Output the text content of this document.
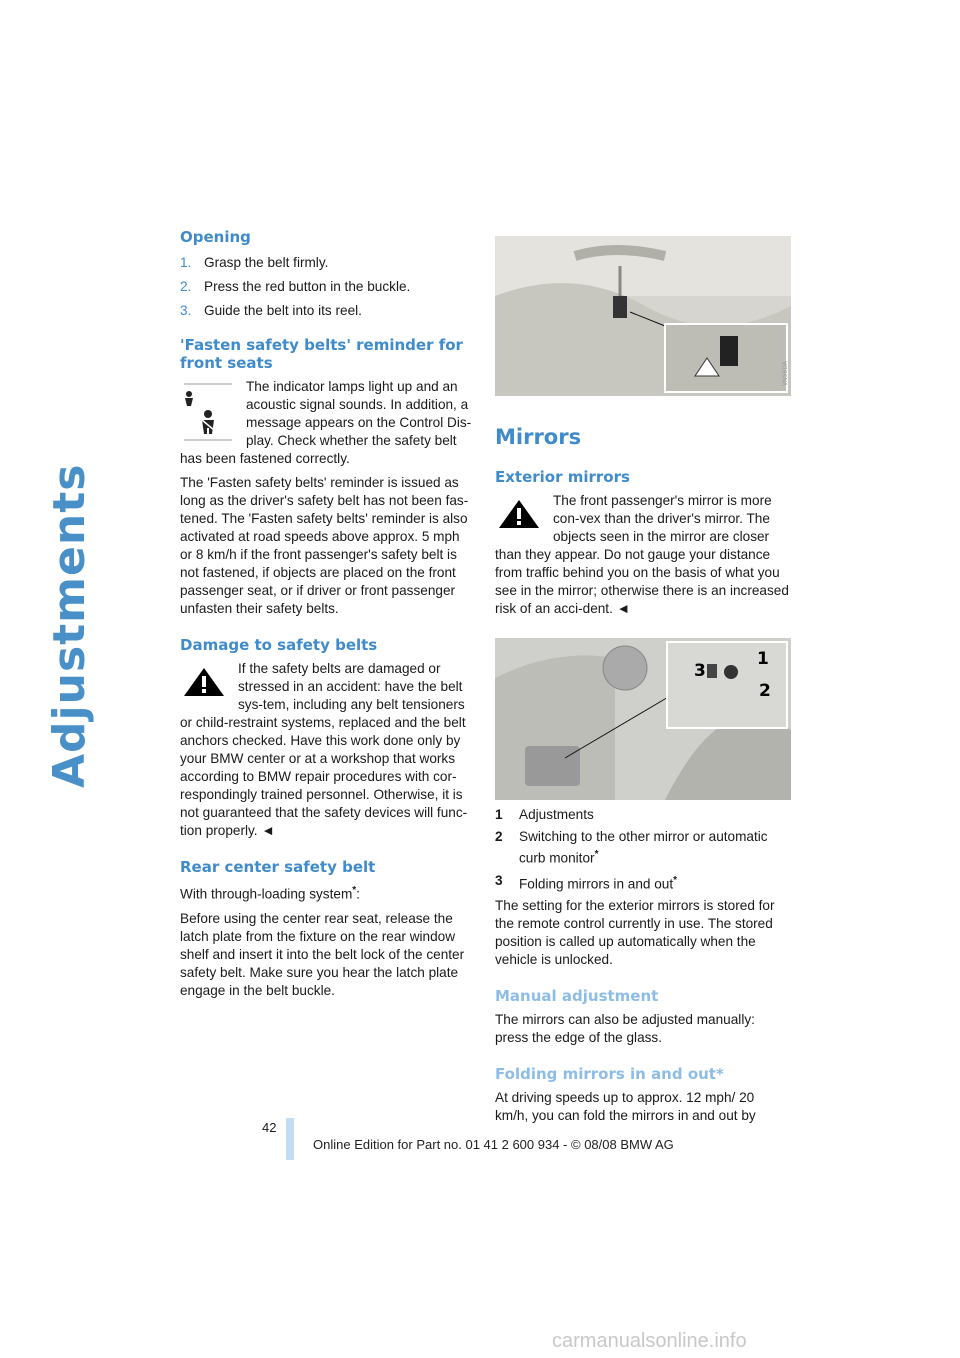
Adjustments
Opening
1. Grasp the belt firmly.
2. Press the red button in the buckle.
3. Guide the belt into its reel.
'Fasten safety belts' reminder for front seats

The indicator lamps light up and an acoustic signal sounds. In addition, a message appears on the Control Dis-play. Check whether the safety belt has been fastened correctly.

The 'Fasten safety belts' reminder is issued as long as the driver's safety belt has not been fas-tened. The 'Fasten safety belts' reminder is also activated at road speeds above approx. 5 mph or 8 km/h if the front passenger's safety belt is not fastened, if objects are placed on the front passenger seat, or if driver or front passenger unfasten their safety belts.

Damage to safety belts

If the safety belts are damaged or stressed in an accident: have the belt sys-tem, including any belt tensioners or child-restraint systems, replaced and the belt anchors checked. Have this work done only by your BMW center or at a workshop that works according to BMW repair procedures with cor-respondingly trained personnel. Otherwise, it is not guaranteed that the safety devices will func-tion properly. ◄

Rear center safety belt

With through-loading system*:

Before using the center rear seat, release the latch plate from the fixture on the rear window shelf and insert it into the belt lock of the center safety belt. Make sure you hear the latch plate engage in the belt buckle.

VN56DA
Mirrors
Exterior mirrors

The front passenger's mirror is more con-vex than the driver's mirror. The objects seen in the mirror are closer than they appear. Do not gauge your distance from traffic behind you on the basis of what you see in the mirror; otherwise there is an increased risk of an acci-dent. ◄

3
1
2
1	Adjustments
2	Switching to the other mirror or automatic curb monitor*
3	Folding mirrors in and out*

The setting for the exterior mirrors is stored for the remote control currently in use. The stored position is called up automatically when the vehicle is unlocked.

Manual adjustment

The mirrors can also be adjusted manually: press the edge of the glass.

Folding mirrors in and out*

At driving speeds up to approx. 12 mph/ 20 km/h, you can fold the mirrors in and out by

42
Online Edition for Part no. 01 41 2 600 934 - © 08/08 BMW AG
carmanualsonline.info
